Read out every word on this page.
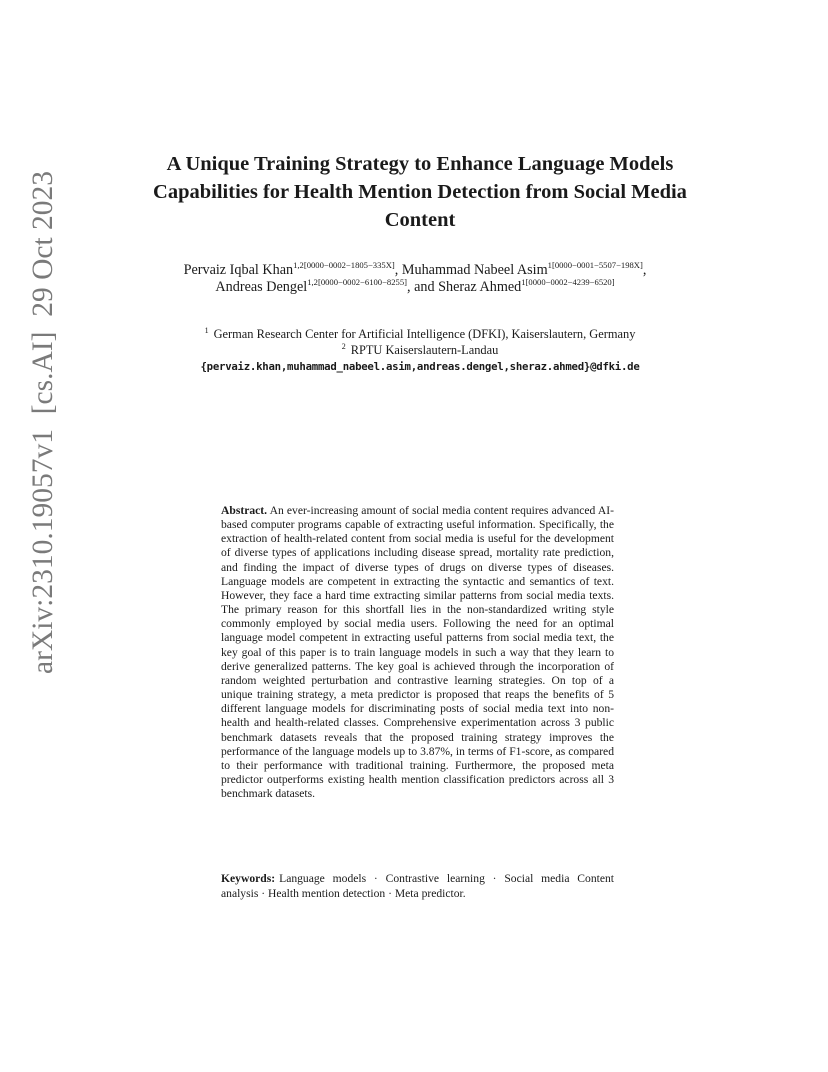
arXiv:2310.19057v1  [cs.AI]  29 Oct 2023
A Unique Training Strategy to Enhance Language Models Capabilities for Health Mention Detection from Social Media Content
Pervaiz Iqbal Khan$^{1,2[0000-0002-1805-335X]}$, Muhammad Nabeel Asim$^{1[0000-0001-5507-198X]}$, Andreas Dengel$^{1,2[0000-0002-6100-8255]}$, and Sheraz Ahmed$^{1[0000-0002-4239-6520]}$
$^1$ German Research Center for Artificial Intelligence (DFKI), Kaiserslautern, Germany
$^2$ RPTU Kaiserslautern-Landau
{pervaiz.khan,muhammad_nabeel.asim,andreas.dengel,sheraz.ahmed}@dfki.de
Abstract. An ever-increasing amount of social media content requires advanced AI-based computer programs capable of extracting useful information. Specifically, the extraction of health-related content from social media is useful for the development of diverse types of applications including disease spread, mortality rate prediction, and finding the impact of diverse types of drugs on diverse types of diseases. Language models are competent in extracting the syntactic and semantics of text. However, they face a hard time extracting similar patterns from social media texts. The primary reason for this shortfall lies in the non-standardized writing style commonly employed by social media users. Following the need for an optimal language model competent in extracting useful patterns from social media text, the key goal of this paper is to train language models in such a way that they learn to derive generalized patterns. The key goal is achieved through the incorporation of random weighted perturbation and contrastive learning strategies. On top of a unique training strategy, a meta predictor is proposed that reaps the benefits of 5 different language models for discriminating posts of social media text into non-health and health-related classes. Comprehensive experimentation across 3 public benchmark datasets reveals that the proposed training strategy improves the performance of the language models up to 3.87%, in terms of F1-score, as compared to their performance with traditional training. Furthermore, the proposed meta predictor outperforms existing health mention classification predictors across all 3 benchmark datasets.
Keywords: Language models · Contrastive learning · Social media Content analysis · Health mention detection · Meta predictor.
